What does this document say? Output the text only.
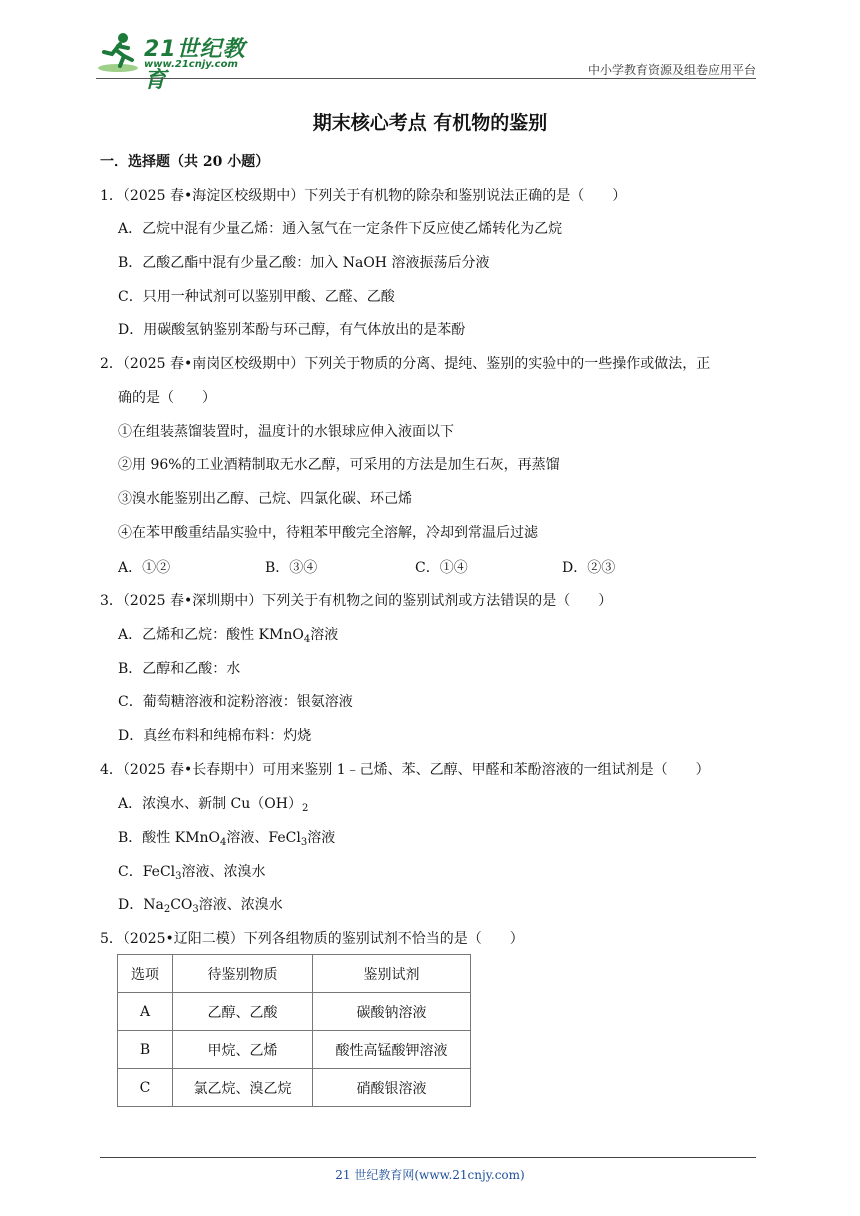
21世纪教育
www.21cnjy.com	中小学教育资源及组卷应用平台
期末核心考点 有机物的鉴别
一．选择题（共 20 小题）
1．（2025 春•海淀区校级期中）下列关于有机物的除杂和鉴别说法正确的是（　　）
A．乙烷中混有少量乙烯：通入氢气在一定条件下反应使乙烯转化为乙烷
B．乙酸乙酯中混有少量乙酸：加入 NaOH 溶液振荡后分液
C．只用一种试剂可以鉴别甲酸、乙醛、乙酸
D．用碳酸氢钠鉴别苯酚与环己醇，有气体放出的是苯酚
2．（2025 春•南岗区校级期中）下列关于物质的分离、提纯、鉴别的实验中的一些操作或做法，正
确的是（　　）
①在组装蒸馏装置时，温度计的水银球应伸入液面以下
②用 96%的工业酒精制取无水乙醇，可采用的方法是加生石灰，再蒸馏
③溴水能鉴别出乙醇、己烷、四氯化碳、环己烯
④在苯甲酸重结晶实验中，待粗苯甲酸完全溶解，冷却到常温后过滤
A．①②	B．③④	C．①④	D．②③
3．（2025 春•深圳期中）下列关于有机物之间的鉴别试剂或方法错误的是（　　）
A．乙烯和乙烷：酸性 KMnO$_4$溶液
B．乙醇和乙酸：水
C．葡萄糖溶液和淀粉溶液：银氨溶液
D．真丝布料和纯棉布料：灼烧
4．（2025 春•长春期中）可用来鉴别 1﹣己烯、苯、乙醇、甲醛和苯酚溶液的一组试剂是（　　）
A．浓溴水、新制 $Cu(OH)_2$
B．酸性 KMnO$_4$溶液、FeCl$_3$溶液
C．FeCl$_3$溶液、浓溴水
D．$Na_2CO_3$溶液、浓溴水
5．（2025•辽阳二模）下列各组物质的鉴别试剂不恰当的是（　　）
选项	待鉴别物质	鉴别试剂
A	乙醇、乙酸	碳酸钠溶液
B	甲烷、乙烯	酸性高锰酸钾溶液
C	氯乙烷、溴乙烷	硝酸银溶液
21 世纪教育网(www.21cnjy.com)
